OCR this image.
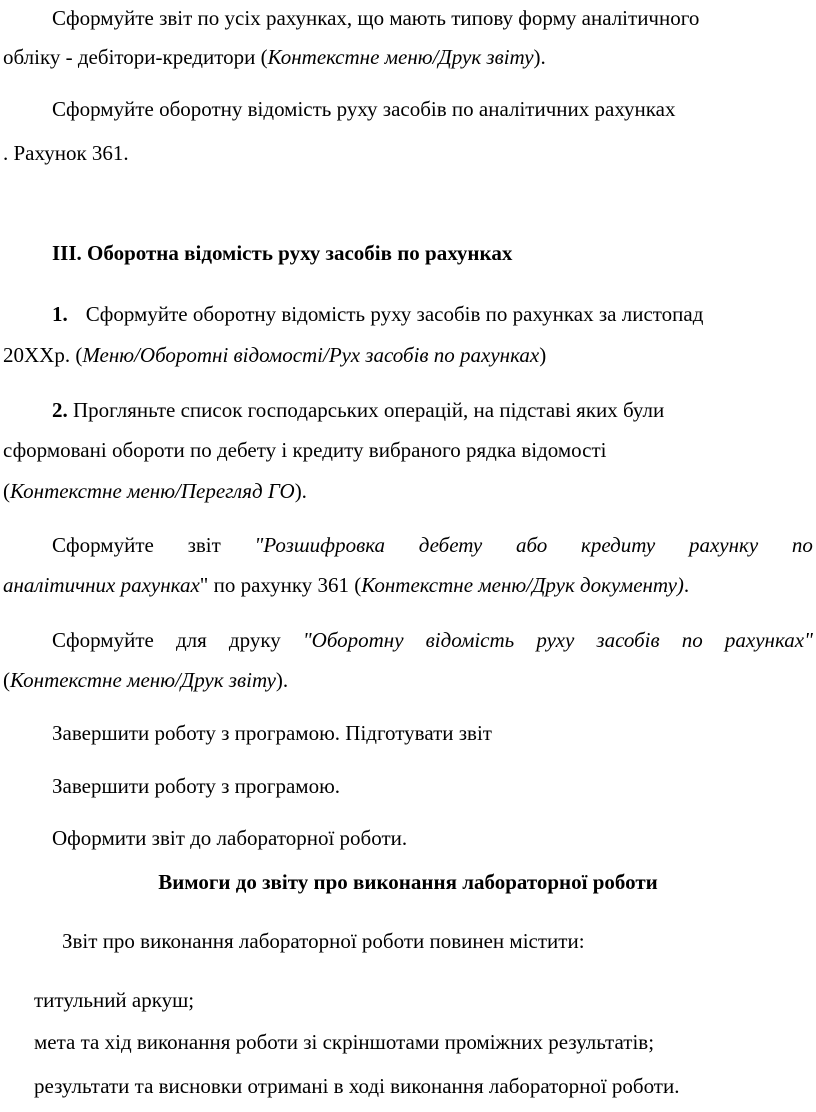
Сформуйте звіт по усіх рахунках, що мають типову форму аналітичного
обліку - дебітори-кредитори (Контекстне меню/Друк звіту).
Сформуйте оборотну відомість руху засобів по аналітичних рахунках
. Рахунок 361.
ІІІ. Оборотна відомість руху засобів по рахунках
1. Сформуйте оборотну відомість руху засобів по рахунках за листопад
20ХХр. (Меню/Оборотні відомості/Рух засобів по рахунках)
2. Прогляньте список господарських операцій, на підставі яких були
сформовані обороти по дебету і кредиту вибраного рядка відомості
(Контекстне меню/Перегляд ГО).
Сформуйте звіт "Розшифровка дебету або кредиту рахунку по
аналітичних рахунках" по рахунку 361 (Контекстне меню/Друк документу).
Сформуйте для друку "Оборотну відомість руху засобів по рахунках"
(Контекстне меню/Друк звіту).
Завершити роботу з програмою. Підготувати звіт
Завершити роботу з програмою.
Оформити звіт до лабораторної роботи.
Вимоги до звіту про виконання лабораторної роботи
Звіт про виконання лабораторної роботи повинен містити:
титульний аркуш;
мета та хід виконання роботи зі скріншотами проміжних результатів;
результати та висновки отримані в ході виконання лабораторної роботи.
